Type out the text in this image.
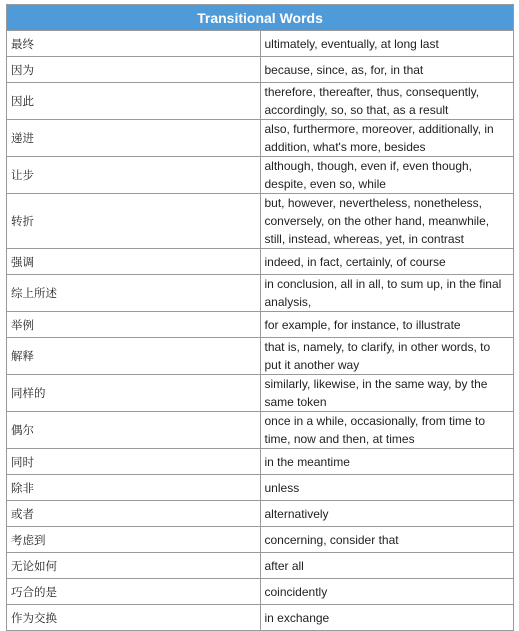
Transitional Words	
最终	ultimately, eventually, at long last
因为	because, since, as, for, in that
因此	therefore, thereafter, thus, consequently, accordingly, so, so that, as a result
递进	also, furthermore, moreover, additionally, in addition, what's more, besides
让步	although, though, even if, even though, despite, even so, while
转折	but, however, nevertheless, nonetheless, conversely, on the other hand, meanwhile, still, instead, whereas, yet, in contrast
强调	indeed, in fact, certainly, of course
综上所述	in conclusion, all in all, to sum up, in the final analysis,
举例	for example, for instance, to illustrate
解释	that is, namely, to clarify, in other words, to put it another way
同样的	similarly, likewise, in the same way, by the same token
偶尔	once in a while, occasionally, from time to time, now and then, at times
同时	in the meantime
除非	unless
或者	alternatively
考虑到	concerning, consider that
无论如何	after all
巧合的是	coincidently
作为交换	in exchange
